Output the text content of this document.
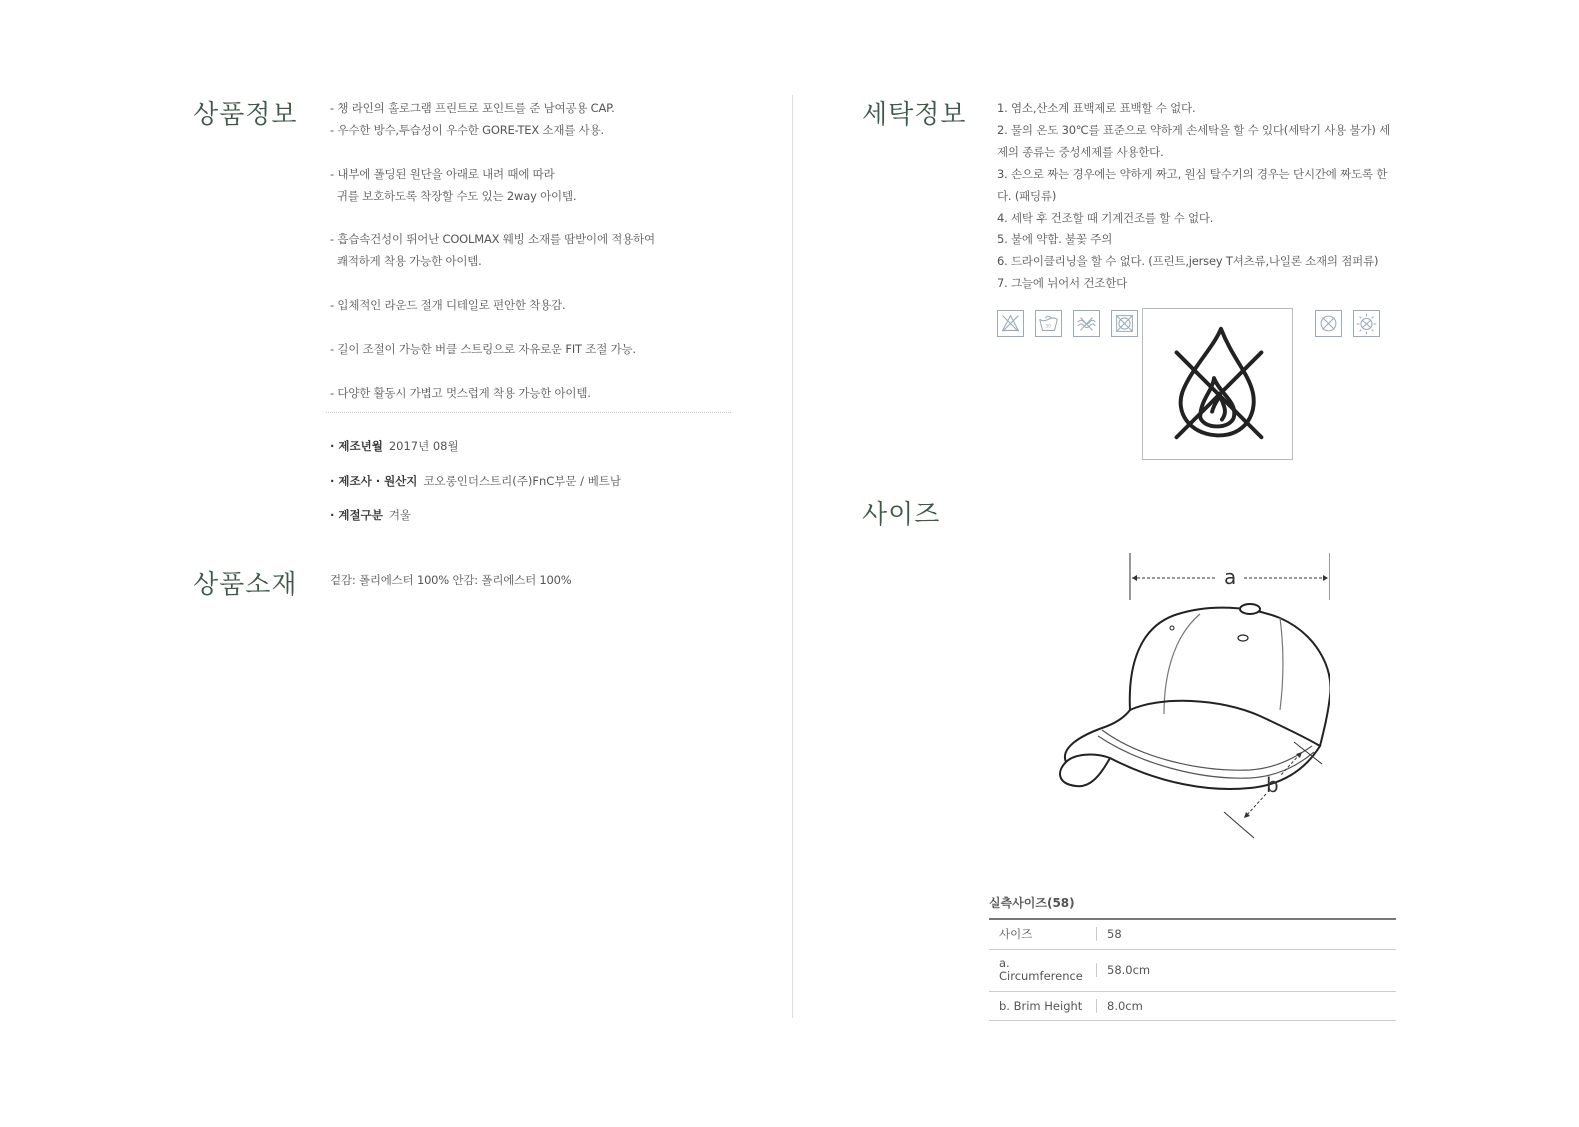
상품정보	- 챙 라인의 홀로그램 프린트로 포인트를 준 남여공용 CAP.
- 우수한 방수,투습성이 우수한 GORE-TEX 소재를 사용.
- 내부에 폴딩된 원단을 아래로 내려 때에 따라
귀를 보호하도록 착장할 수도 있는 2way 아이템.
- 흡습속건성이 뛰어난 COOLMAX 웨빙 소재를 땀받이에 적용하여
쾌적하게 착용 가능한 아이템.
- 입체적인 라운드 절개 디테일로 편안한 착용감.
- 길이 조절이 가능한 버클 스트링으로 자유로운 FIT 조절 가능.
- 다양한 활동시 가볍고 멋스럽게 착용 가능한 아이템.
· 제조년월 2017년 08월
· 제조사 · 원산지 코오롱인더스트리(주)FnC부문 / 베트남
· 계절구분 겨울
상품소재	겉감: 폴리에스터 100% 안감: 폴리에스터 100%
세탁정보	1. 염소,산소계 표백제로 표백할 수 없다.
2. 물의 온도 30℃를 표준으로 약하게 손세탁을 할 수 있다(세탁기 사용 불가) 세
제의 종류는 중성세제를 사용한다.
3. 손으로 짜는 경우에는 약하게 짜고, 원심 탈수기의 경우는 단시간에 짜도록 한
다. (패딩류)
4. 세탁 후 건조할 때 기계건조를 할 수 없다.
5. 불에 약함. 불꽃 주의
6. 드라이클리닝을 할 수 없다. (프린트,jersey T셔츠류,나일론 소재의 점퍼류)
7. 그늘에 뉘어서 건조한다
30
사이즈
a
b
실측사이즈(58)
사이즈	58
a. Circumference	58.0cm
b. Brim Height	8.0cm
